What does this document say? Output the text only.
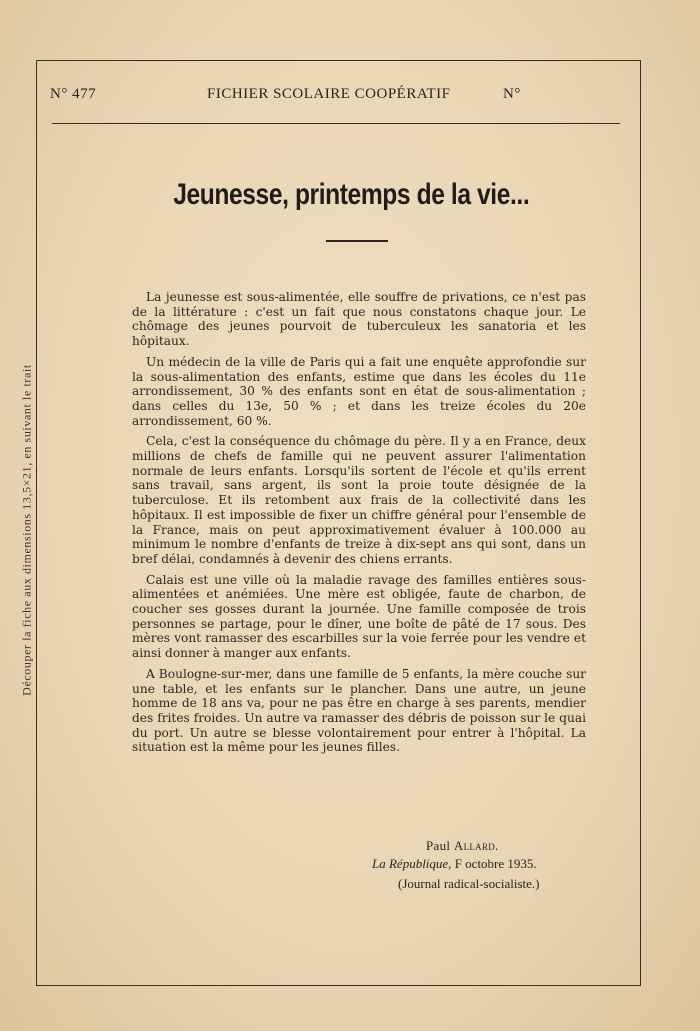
N° 477	FICHIER SCOLAIRE COOPÉRATIF	N°
Découper la fiche aux dimensions 13,5×21, en suivant le trait
Jeunesse, printemps de la vie...

La jeunesse est sous-alimentée, elle souffre de privations, ce n'est pas de la littérature : c'est un fait que nous constatons chaque jour. Le chômage des jeunes pourvoit de tuberculeux les sanatoria et les hôpitaux.

Un médecin de la ville de Paris qui a fait une enquête approfondie sur la sous-alimentation des enfants, estime que dans les écoles du 11e arrondissement, 30 % des enfants sont en état de sous-alimentation ; dans celles du 13e, 50 % ; et dans les treize écoles du 20e arrondissement, 60 %.

Cela, c'est la conséquence du chômage du père. Il y a en France, deux millions de chefs de famille qui ne peuvent assurer l'alimentation normale de leurs enfants. Lorsqu'ils sortent de l'école et qu'ils errent sans travail, sans argent, ils sont la proie toute désignée de la tuberculose. Et ils retombent aux frais de la collectivité dans les hôpitaux. Il est impossible de fixer un chiffre général pour l'ensemble de la France, mais on peut approximativement évaluer à 100.000 au minimum le nombre d'enfants de treize à dix-sept ans qui sont, dans un bref délai, condamnés à devenir des chiens errants.

Calais est une ville où la maladie ravage des familles entières sous-alimentées et anémiées. Une mère est obligée, faute de charbon, de coucher ses gosses durant la journée. Une famille composée de trois personnes se partage, pour le dîner, une boîte de pâté de 17 sous. Des mères vont ramasser des escarbilles sur la voie ferrée pour les vendre et ainsi donner à manger aux enfants.

A Boulogne-sur-mer, dans une famille de 5 enfants, la mère couche sur une table, et les enfants sur le plancher. Dans une autre, un jeune homme de 18 ans va, pour ne pas être en charge à ses parents, mendier des frites froides. Un autre va ramasser des débris de poisson sur le quai du port. Un autre se blesse volontairement pour entrer à l'hôpital. La situation est la même pour les jeunes filles.

Paul Allard.
La République, F octobre 1935.
(Journal radical-socialiste.)
